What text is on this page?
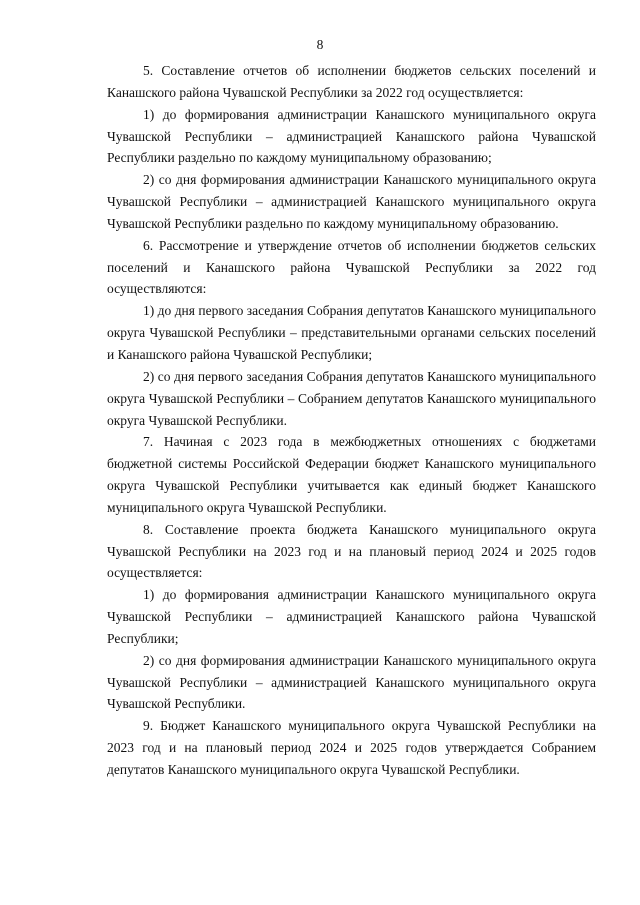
8

5. Составление отчетов об исполнении бюджетов сельских поселений и Канашского района Чувашской Республики за 2022 год осуществляется:

1) до формирования администрации Канашского муниципального округа Чувашской Республики – администрацией Канашского района Чувашской Республики раздельно по каждому муниципальному образованию;

2) со дня формирования администрации Канашского муниципального округа Чувашской Республики – администрацией Канашского муниципального округа Чувашской Республики раздельно по каждому муниципальному образованию.

6. Рассмотрение и утверждение отчетов об исполнении бюджетов сельских поселений и Канашского района Чувашской Республики за 2022 год осуществляются:

1) до дня первого заседания Собрания депутатов Канашского муниципального округа Чувашской Республики – представительными органами сельских поселений и Канашского района Чувашской Республики;

2) со дня первого заседания Собрания депутатов Канашского муниципального округа Чувашской Республики – Собранием депутатов Канашского муниципального округа Чувашской Республики.

7. Начиная с 2023 года в межбюджетных отношениях с бюджетами бюджетной системы Российской Федерации бюджет Канашского муниципального округа Чувашской Республики учитывается как единый бюджет Канашского муниципального округа Чувашской Республики.

8. Составление проекта бюджета Канашского муниципального округа Чувашской Республики на 2023 год и на плановый период 2024 и 2025 годов осуществляется:

1) до формирования администрации Канашского муниципального округа Чувашской Республики – администрацией Канашского района Чувашской Республики;

2) со дня формирования администрации Канашского муниципального округа Чувашской Республики – администрацией Канашского муниципального округа Чувашской Республики.

9. Бюджет Канашского муниципального округа Чувашской Республики на 2023 год и на плановый период 2024 и 2025 годов утверждается Собранием депутатов Канашского муниципального округа Чувашской Республики.
